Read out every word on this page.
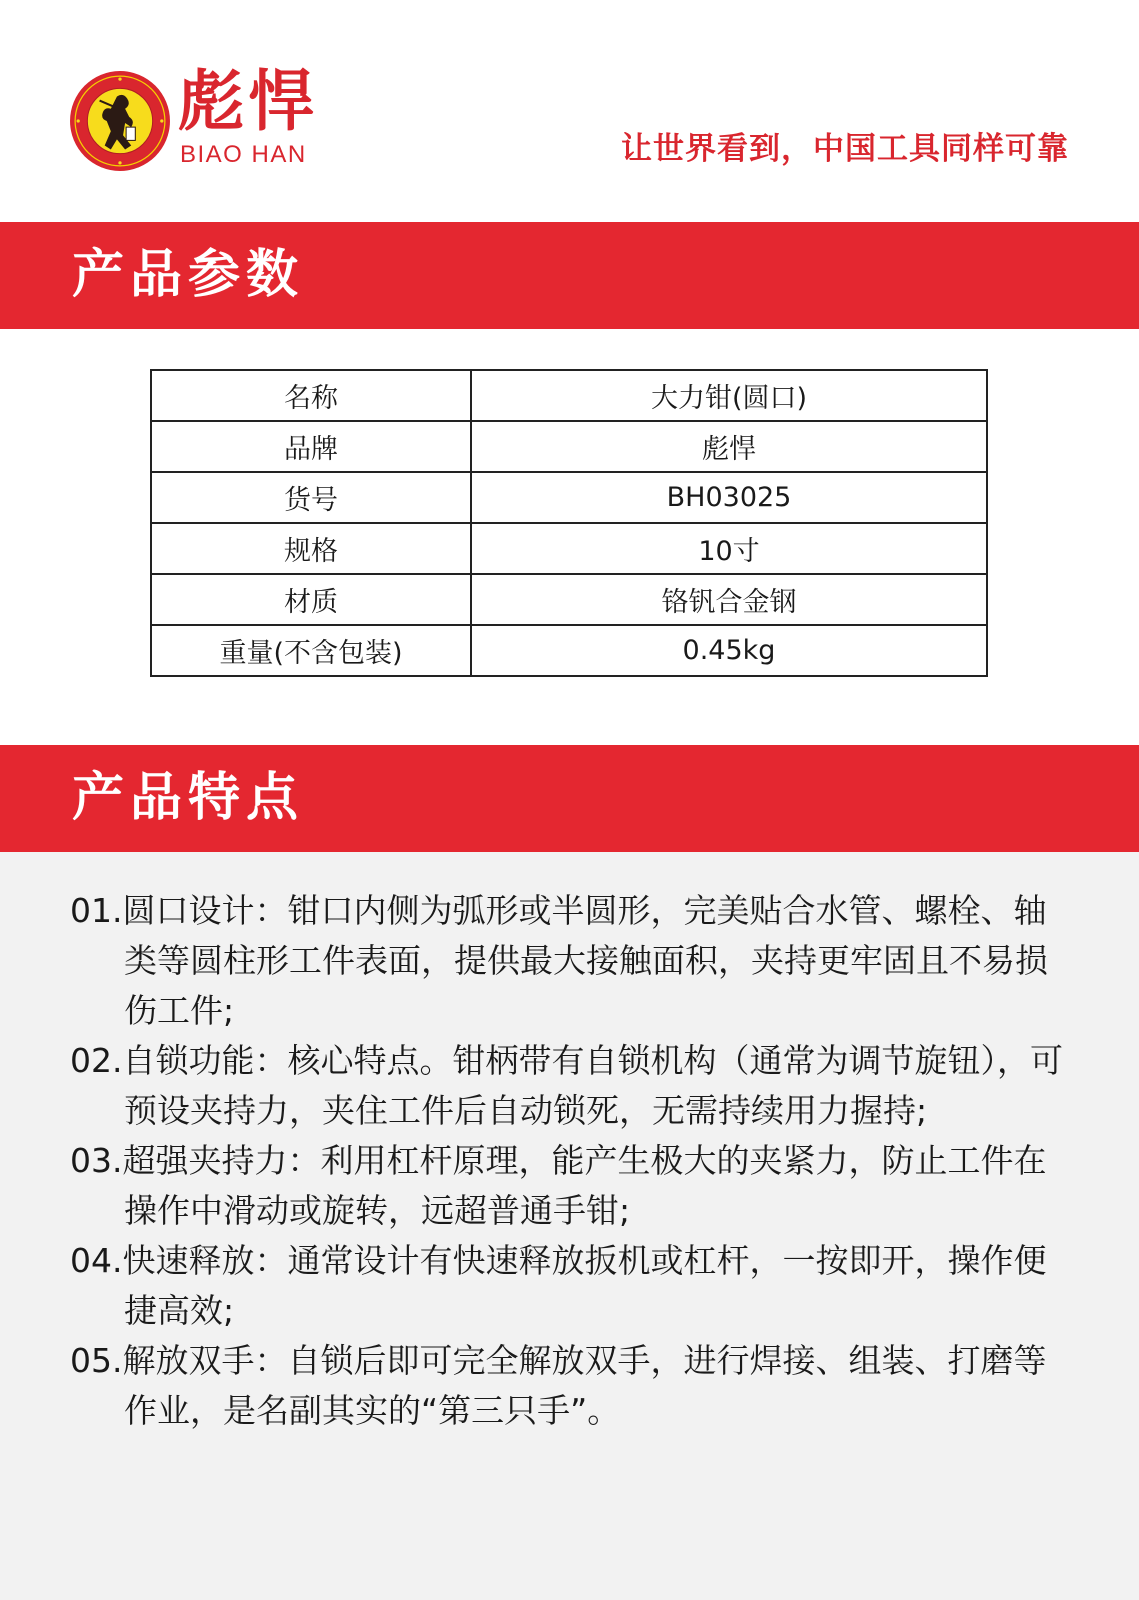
彪悍
BIAO HAN	让世界看到，中国工具同样可靠
产品参数
名称	大力钳(圆口)
品牌	彪悍
货号	BH03025
规格	10寸
材质	铬钒合金钢
重量(不含包装)	0.45kg
产品特点
01.圆口设计：钳口内侧为弧形或半圆形，完美贴合水管、螺栓、轴类等圆柱形工件表面，提供最大接触面积，夹持更牢固且不易损伤工件;
02.自锁功能：核心特点。钳柄带有自锁机构（通常为调节旋钮），可预设夹持力，夹住工件后自动锁死，无需持续用力握持;
03.超强夹持力：利用杠杆原理，能产生极大的夹紧力，防止工件在操作中滑动或旋转，远超普通手钳;
04.快速释放：通常设计有快速释放扳机或杠杆，一按即开，操作便捷高效;
05.解放双手：自锁后即可完全解放双手，进行焊接、组装、打磨等作业，是名副其实的“第三只手”。
